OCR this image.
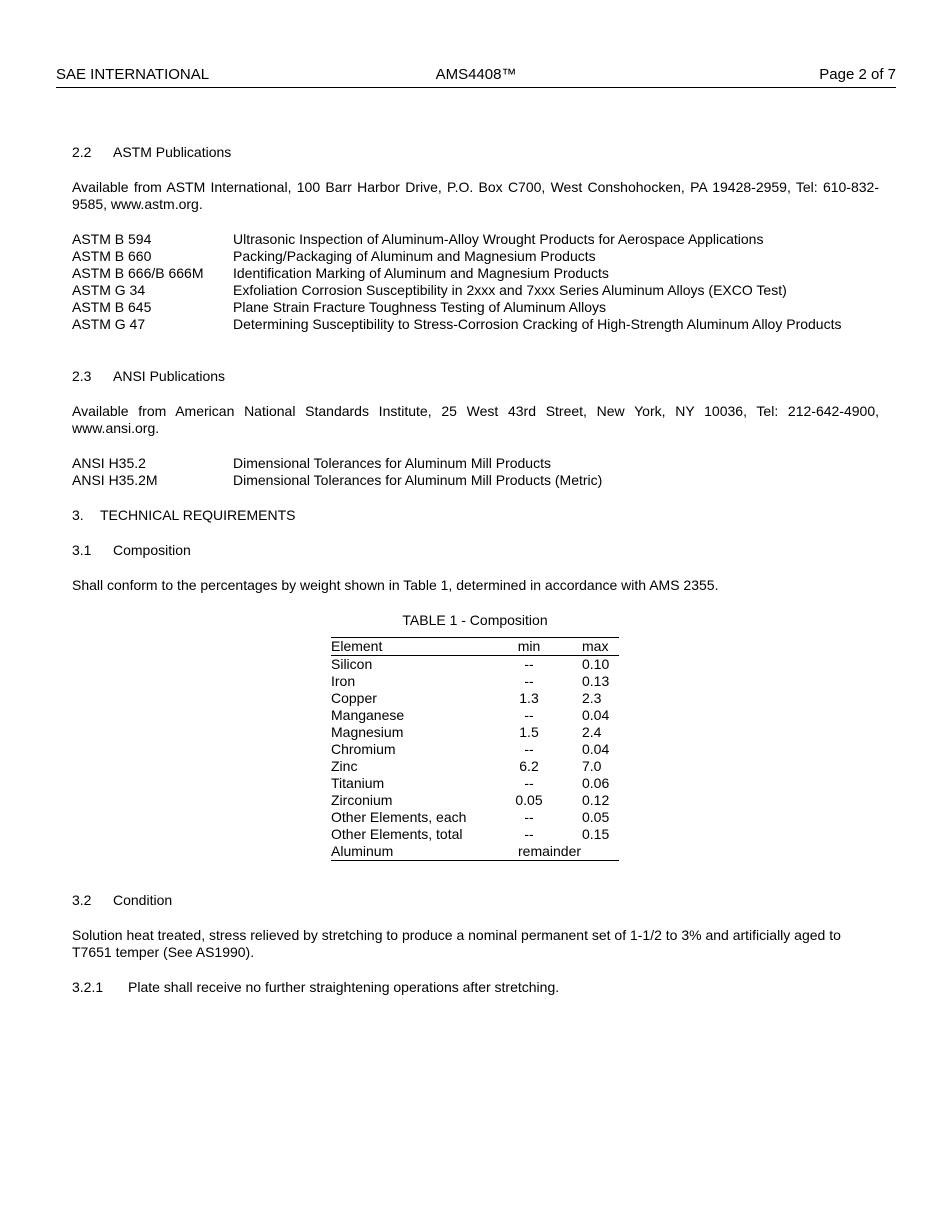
SAE INTERNATIONAL	AMS4408™	Page 2 of 7
2.2 ASTM Publications
Available from ASTM International, 100 Barr Harbor Drive, P.O. Box C700, West Conshohocken, PA 19428-2959, Tel: 610-832-9585, www.astm.org.
ASTM B 594	Ultrasonic Inspection of Aluminum-Alloy Wrought Products for Aerospace Applications
ASTM B 660	Packing/Packaging of Aluminum and Magnesium Products
ASTM B 666/B 666M	Identification Marking of Aluminum and Magnesium Products
ASTM G 34	Exfoliation Corrosion Susceptibility in 2xxx and 7xxx Series Aluminum Alloys (EXCO Test)
ASTM B 645	Plane Strain Fracture Toughness Testing of Aluminum Alloys
ASTM G 47	Determining Susceptibility to Stress-Corrosion Cracking of High-Strength Aluminum Alloy Products
2.3 ANSI Publications
Available from American National Standards Institute, 25 West 43rd Street, New York, NY 10036, Tel: 212-642-4900, www.ansi.org.
ANSI H35.2	Dimensional Tolerances for Aluminum Mill Products
ANSI H35.2M	Dimensional Tolerances for Aluminum Mill Products (Metric)
3. TECHNICAL REQUIREMENTS
3.1 Composition
Shall conform to the percentages by weight shown in Table 1, determined in accordance with AMS 2355.
TABLE 1 - Composition
Element	min	max
Silicon	--	0.10
Iron	--	0.13
Copper	1.3	2.3
Manganese	--	0.04
Magnesium	1.5	2.4
Chromium	--	0.04
Zinc	6.2	7.0
Titanium	--	0.06
Zirconium	0.05	0.12
Other Elements, each	--	0.05
Other Elements, total	--	0.15
Aluminum	remainder	
3.2 Condition
Solution heat treated, stress relieved by stretching to produce a nominal permanent set of 1-1/2 to 3% and artificially aged to T7651 temper (See AS1990).
3.2.1 Plate shall receive no further straightening operations after stretching.
